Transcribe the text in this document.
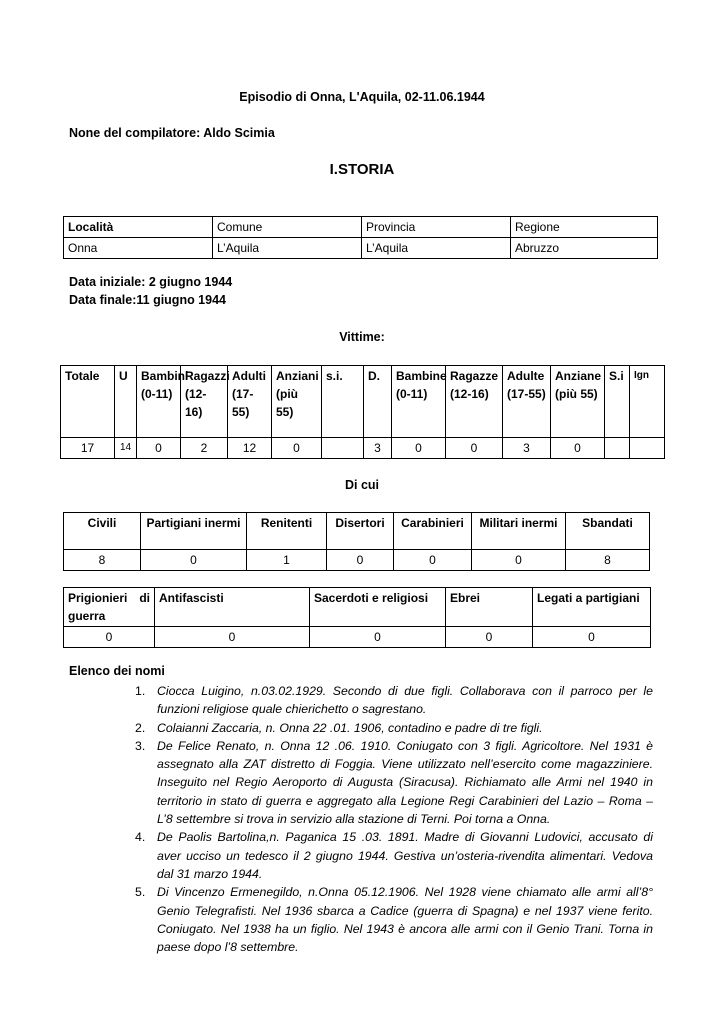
Episodio di Onna, L'Aquila, 02-11.06.1944
None del compilatore: Aldo Scimia
I.STORIA
Località	Comune	Provincia	Regione
Onna	L’Aquila	L’Aquila	Abruzzo
Data iniziale: 2 giugno 1944
Data finale:11 giugno 1944
Vittime:
Totale	U	Bambini (0-11)	Ragazzi (12-16)	Adulti (17-55)	Anziani (più 55)	s.i.	D.	Bambine (0-11)	Ragazze (12-16)	Adulte (17-55)	Anziane (più 55)	S.i	Ign
17	14	0	2	12	0		3	0	0	3	0		
Di cui
Civili	Partigiani inermi	Renitenti	Disertori	Carabinieri	Militari inermi	Sbandati
8	0	1	0	0	0	8
Prigionieri di guerra	Antifascisti	Sacerdoti e religiosi	Ebrei	Legati a partigiani
0	0	0	0	0
Elenco dei nomi
1. Ciocca Luigino, n.03.02.1929. Secondo di due figli. Collaborava con il parroco per le funzioni religiose quale chierichetto o sagrestano.
2. Colaianni Zaccaria, n. Onna 22 .01. 1906, contadino e padre di tre figli.
3. De Felice Renato, n. Onna 12 .06. 1910. Coniugato con 3 figli. Agricoltore. Nel 1931 è assegnato alla ZAT distretto di Foggia. Viene utilizzato nell’esercito come magazziniere. Inseguito nel Regio Aeroporto di Augusta (Siracusa). Richiamato alle Armi nel 1940 in territorio in stato di guerra e aggregato alla Legione Regi Carabinieri del Lazio – Roma – L’8 settembre si trova in servizio alla stazione di Terni. Poi torna a Onna.
4. De Paolis Bartolina,n. Paganica 15 .03. 1891. Madre di Giovanni Ludovici, accusato di aver ucciso un tedesco il 2 giugno 1944. Gestiva un’osteria-rivendita alimentari. Vedova dal 31 marzo 1944.
5. Di Vincenzo Ermenegildo, n.Onna 05.12.1906. Nel 1928 viene chiamato alle armi all’8° Genio Telegrafisti. Nel 1936 sbarca a Cadice (guerra di Spagna) e nel 1937 viene ferito. Coniugato. Nel 1938 ha un figlio. Nel 1943 è ancora alle armi con il Genio Trani. Torna in paese dopo l’8 settembre.
